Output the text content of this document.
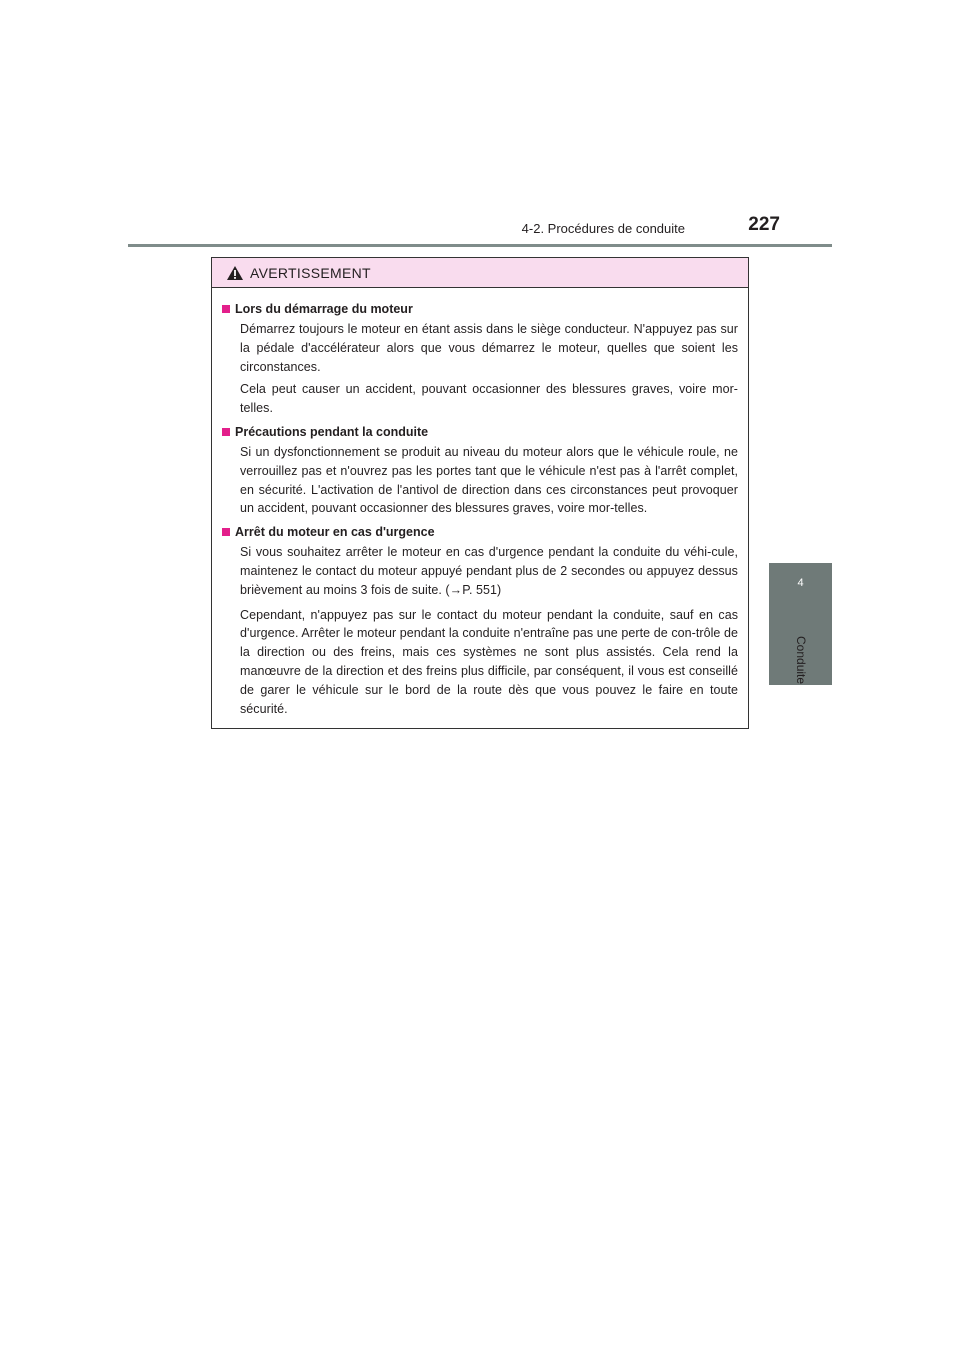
4-2. Procédures de conduite	227
4
Conduite
AVERTISSEMENT
Lors du démarrage du moteur
Démarrez toujours le moteur en étant assis dans le siège conducteur. N'appuyez pas sur la pédale d'accélérateur alors que vous démarrez le moteur, quelles que soient les circonstances.
Cela peut causer un accident, pouvant occasionner des blessures graves, voire mor-telles.
Précautions pendant la conduite
Si un dysfonctionnement se produit au niveau du moteur alors que le véhicule roule, ne verrouillez pas et n'ouvrez pas les portes tant que le véhicule n'est pas à l'arrêt complet, en sécurité. L'activation de l'antivol de direction dans ces circonstances peut provoquer un accident, pouvant occasionner des blessures graves, voire mor-telles.
Arrêt du moteur en cas d'urgence
Si vous souhaitez arrêter le moteur en cas d'urgence pendant la conduite du véhi-cule, maintenez le contact du moteur appuyé pendant plus de 2 secondes ou appuyez dessus brièvement au moins 3 fois de suite. (→P. 551)
Cependant, n'appuyez pas sur le contact du moteur pendant la conduite, sauf en cas d'urgence. Arrêter le moteur pendant la conduite n'entraîne pas une perte de con-trôle de la direction ou des freins, mais ces systèmes ne sont plus assistés. Cela rend la manœuvre de la direction et des freins plus difficile, par conséquent, il vous est conseillé de garer le véhicule sur le bord de la route dès que vous pouvez le faire en toute sécurité.
